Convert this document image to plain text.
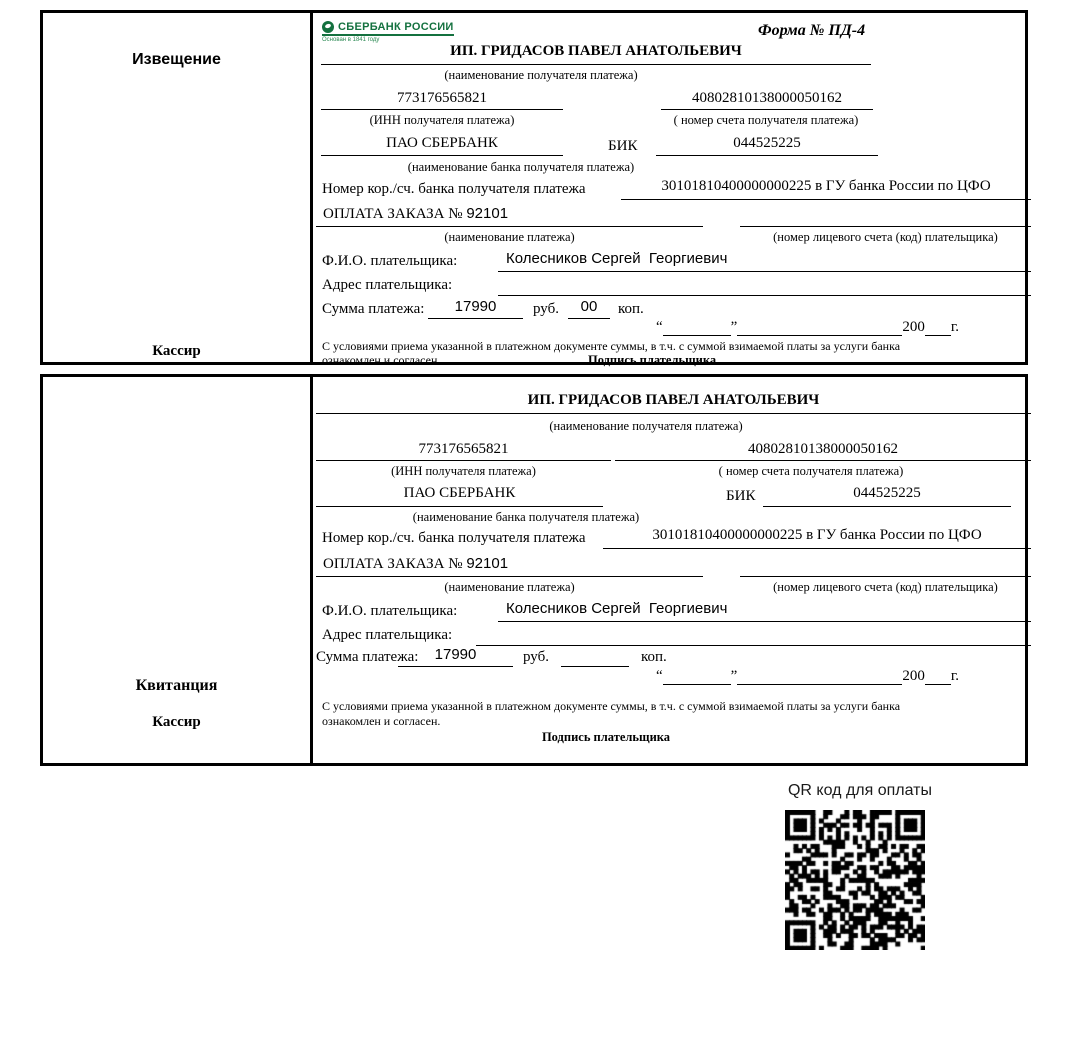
Извещение
Кассир
СБЕРБАНК РОССИИ
Основан в 1841 году
Форма № ПД-4
ИП. ГРИДАСОВ ПАВЕЛ АНАТОЛЬЕВИЧ
(наименование получателя платежа)
773176565821	40802810138000050162
(ИНН получателя платежа)	( номер счета получателя платежа)
ПАО СБЕРБАНК	БИК	044525225
(наименование банка получателя платежа)
Номер кор./сч. банка получателя платежа	30101810400000000225 в ГУ банка России по ЦФО
ОПЛАТА ЗАКАЗА № 92101
(наименование платежа)	(номер лицевого счета (код) плательщика)
Ф.И.О. плательщика:	Колесников Сергей  Георгиевич
Адрес плательщика:
Сумма платежа:	17990	руб.	00	коп.
“	”	200 г.
С условиями приема указанной в платежном документе суммы, в т.ч. с суммой взимаемой платы за услуги банка
ознакомлен и согласен.	Подпись плательщика
Квитанция
Кассир
ИП. ГРИДАСОВ ПАВЕЛ АНАТОЛЬЕВИЧ
(наименование получателя платежа)
773176565821	40802810138000050162
(ИНН получателя платежа)	( номер счета получателя платежа)
ПАО СБЕРБАНК	БИК	044525225
(наименование банка получателя платежа)
Номер кор./сч. банка получателя платежа	30101810400000000225 в ГУ банка России по ЦФО
ОПЛАТА ЗАКАЗА № 92101
(наименование платежа)	(номер лицевого счета (код) плательщика)
Ф.И.О. плательщика:	Колесников Сергей  Георгиевич
Адрес плательщика:
Сумма платежа:	17990	руб.	коп.
“	”	200 г.
С условиями приема указанной в платежном документе суммы, в т.ч. с суммой взимаемой платы за услуги банка
ознакомлен и согласен.
Подпись плательщика
QR код для оплаты
